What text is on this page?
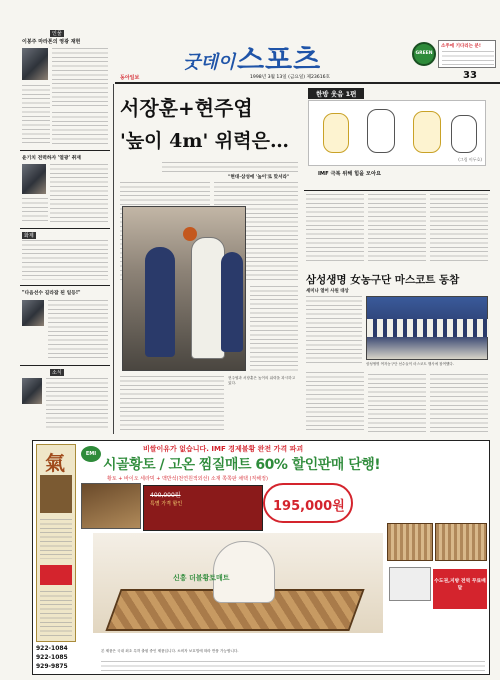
굿데이 스포츠
동아일보	1998년 3월 13일 (금요일) 제23616호	33
GREEN
소주에 기다리는 분!
인물
이봉주 마라톤의 영광 재현
윤기치 전력하자 '열광' 취재
화제
"다음선수 길라잡 된 일등!"
소식
서장훈+현주엽
'높이 4m' 위력은…
"현대·삼성에 '높이'로 맞서라"
현주엽과 서장훈은 높이의 위력을 과시하고 있다.
한방 웃음 1편
(그림 이두호)
IMF 극복 위해 힘을 모아요
삼성생명 女농구단 마스코트 동참
세미나 열어 사원 대상
삼성생명 여자농구단 선수들이 마스코트 행사에 참여했다.
비쌀이유가 없습니다. IMF 경제불황 완전 가격 파괴
시골황토 / 고온 찜질매트 60% 할인판매 단행!
황토 + 바이오 세라믹 + 맥반석(천연원적외선) 소재 쪽쪽판 채택 (직해정)
氣	EMI
400,000원
특별 가격 할인	195,000원
신흥 더블황토매트	수도권,지방 전역 무료배달
922-1084
922-1085
929-9875
본 제품은 국내 최초 특허 출원 중인 제품입니다. 소비자 보호법에 따라 반품 가능합니다.
